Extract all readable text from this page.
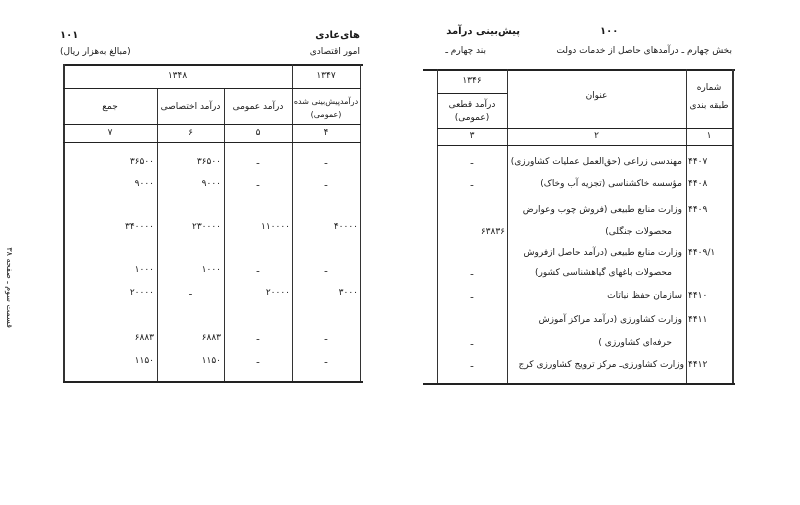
۱۰۰
پیش‌بینی درآمد
بخش چهارم ـ درآمدهای حاصل از خدمات دولت
بند چهارم ـ
شماره
طبقه بندی
عنوان
۱۳۴۶
درآمد قطعی
(عمومی)
۱
۲
۳
۴۴۰۷
مهندسی زراعی (حق‌العمل عملیات کشاورزی)
ـ
۴۴۰۸
مؤسسه خاکشناسی (تجزیه آب وخاک)
ـ
۴۴۰۹
وزارت منابع طبیعی (فروش چوب وعوارض
محصولات جنگلی)
۶۳۸۳۶
۴۴۰۹/۱
وزارت منابع طبیعی (درآمد حاصل ازفروش
محصولات باغهای گیاهشناسی کشور)
ـ
۴۴۱۰
سازمان حفظ نباتات
ـ
۴۴۱۱
وزارت کشاورزی (درآمد مراکز آموزش
حرفه‌ای کشاورزی )
ـ
۴۴۱۲
وزارت کشاورزی‌ـ مرکز ترویج کشاورزی کرج
ـ
های‌عادی
امور اقتصادی
۱۰۱
(مبالغ به‌هزار ریال)
قسمت سوم ـ صفحه ۳۸
۱۳۴۷
۱۳۴۸
درآمدپیش‌بینی شده
(عمومی)
درآمد عمومی
درآمد اختصاصی
جمع
۴
۵
۶
۷
ـ
ـ
۳۶۵۰۰
۳۶۵۰۰
ـ
ـ
۹۰۰۰
۹۰۰۰
۴۰۰۰۰
۱۱۰۰۰۰
۲۳۰۰۰۰
۳۴۰۰۰۰
ـ
ـ
۱۰۰۰
۱۰۰۰
۳۰۰۰
۲۰۰۰۰
ـ
۲۰۰۰۰
ـ
ـ
۶۸۸۳
۶۸۸۳
ـ
ـ
۱۱۵۰
۱۱۵۰
